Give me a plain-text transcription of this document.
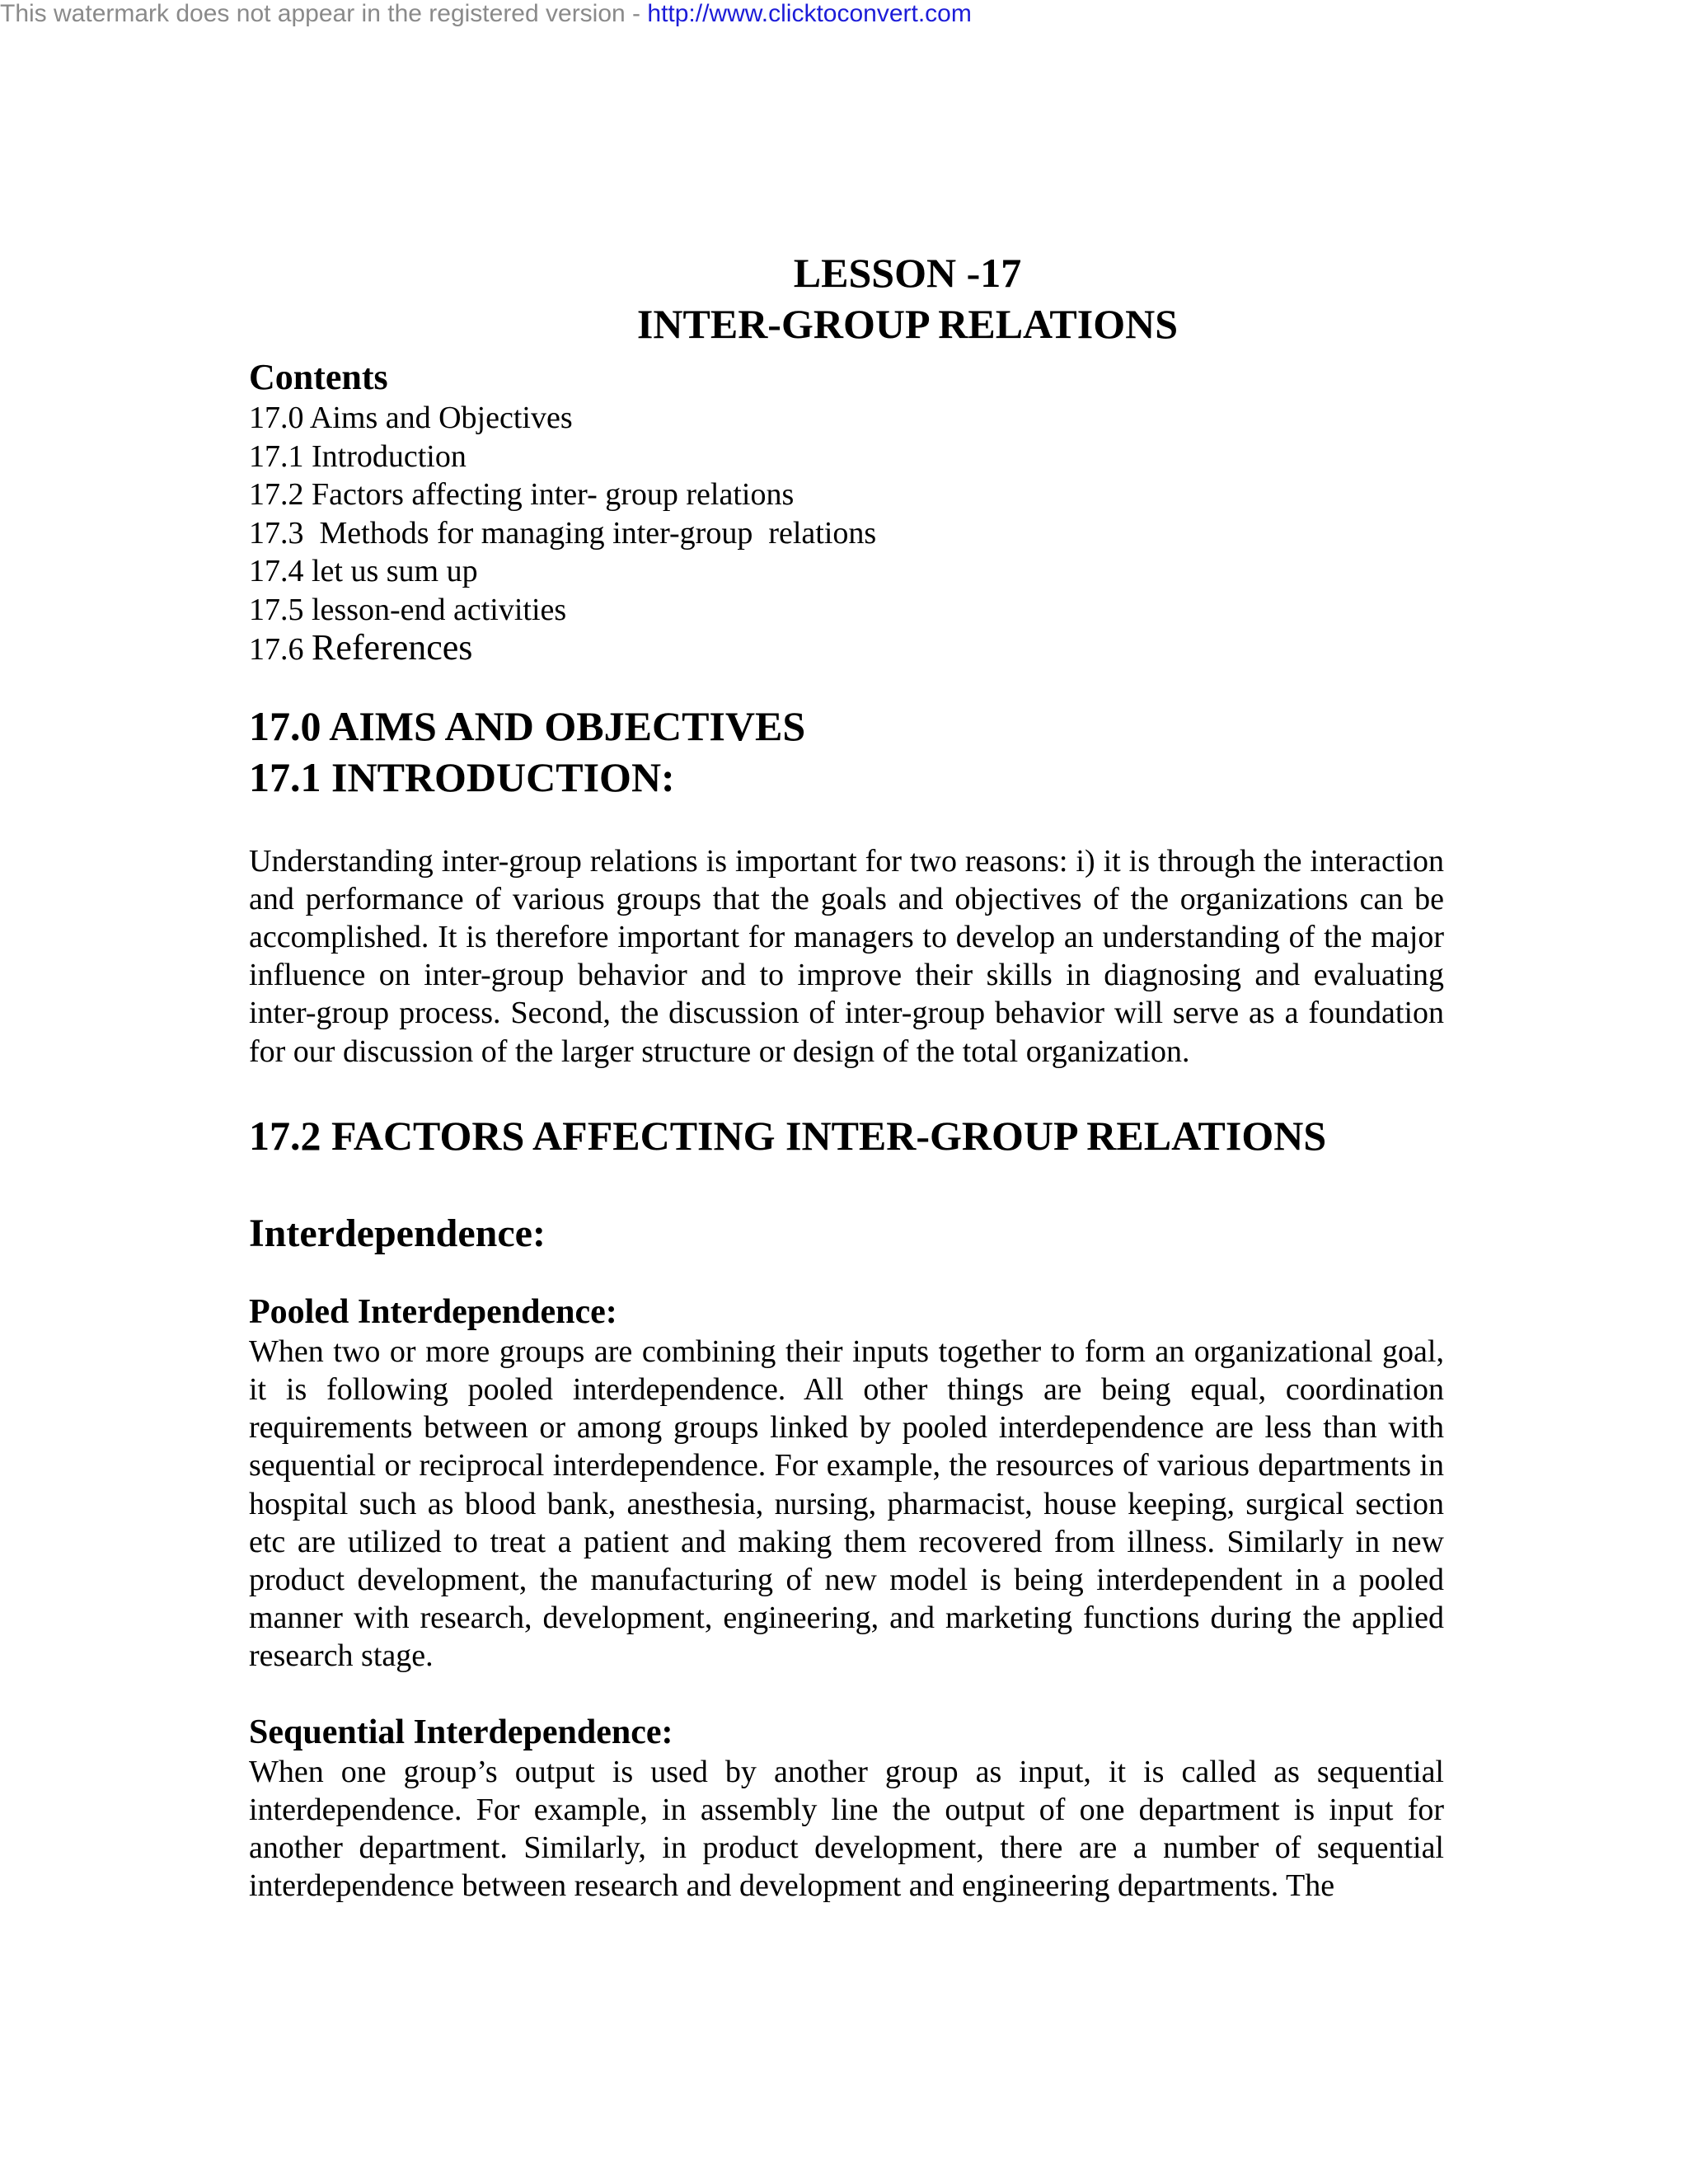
This watermark does not appear in the registered version - http://www.clicktoconvert.com
LESSON -17
INTER-GROUP RELATIONS
Contents
17.0 Aims and Objectives
17.1 Introduction
17.2 Factors affecting inter- group relations
17.3  Methods for managing inter-group  relations
17.4 let us sum up
17.5 lesson-end activities
17.6 References
17.0 AIMS AND OBJECTIVES
17.1 INTRODUCTION:

Understanding inter-group relations is important for two reasons: i) it is through the interaction and performance of various groups that the goals and objectives of the organizations can be accomplished. It is therefore important for managers to develop an understanding of the major influence on inter-group behavior and to improve their skills in diagnosing and evaluating inter-group process. Second, the discussion of inter-group behavior will serve as a foundation for our discussion of the larger structure or design of the total organization.

17.2 FACTORS AFFECTING INTER-GROUP RELATIONS
Interdependence:
Pooled Interdependence:

When two or more groups are combining their inputs together to form an organizational goal, it is following pooled interdependence. All other things are being equal, coordination requirements between or among groups linked by pooled interdependence are less than with sequential or reciprocal interdependence. For example, the resources of various departments in hospital such as blood bank, anesthesia, nursing, pharmacist, house keeping, surgical section etc are utilized to treat a patient and making them recovered from illness. Similarly in new product development, the manufacturing of new model is being interdependent in a pooled manner with research, development, engineering, and marketing functions during the applied research stage.

Sequential Interdependence:

When one group’s output is used by another group as input, it is called as sequential interdependence. For example, in assembly line the output of one department is input for another department. Similarly, in product development, there are a number of sequential interdependence between research and development and engineering departments. The
